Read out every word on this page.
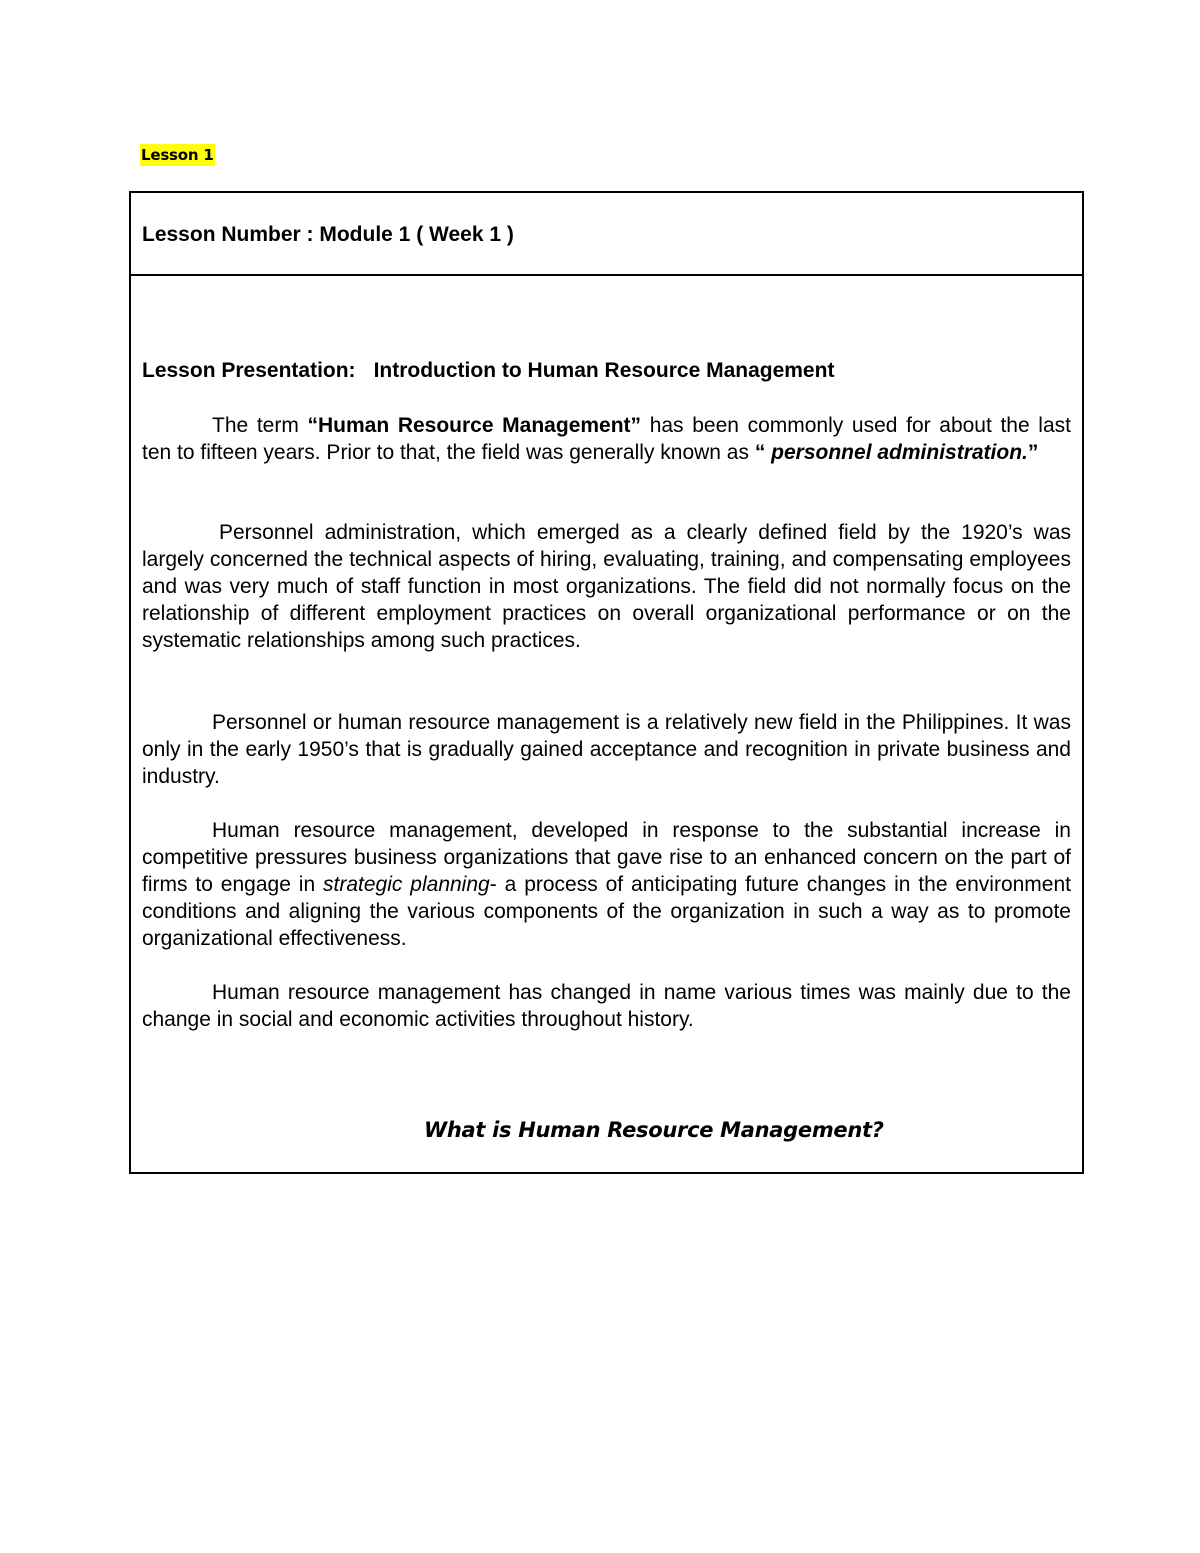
Lesson 1
Lesson Number : Module 1 ( Week 1 )
Lesson Presentation: Introduction to Human Resource Management

The term “Human Resource Management” has been commonly used for about the last ten to fifteen years. Prior to that, the field was generally known as “ personnel administration.”

Personnel administration, which emerged as a clearly defined field by the 1920’s was largely concerned the technical aspects of hiring, evaluating, training, and compensating employees and was very much of staff function in most organizations. The field did not normally focus on the relationship of different employment practices on overall organizational performance or on the systematic relationships among such practices.

Personnel or human resource management is a relatively new field in the Philippines. It was only in the early 1950’s that is gradually gained acceptance and recognition in private business and industry.

Human resource management, developed in response to the substantial increase in competitive pressures business organizations that gave rise to an enhanced concern on the part of firms to engage in strategic planning- a process of anticipating future changes in the environment conditions and aligning the various components of the organization in such a way as to promote organizational effectiveness.

Human resource management has changed in name various times was mainly due to the change in social and economic activities throughout history.

What is Human Resource Management?
